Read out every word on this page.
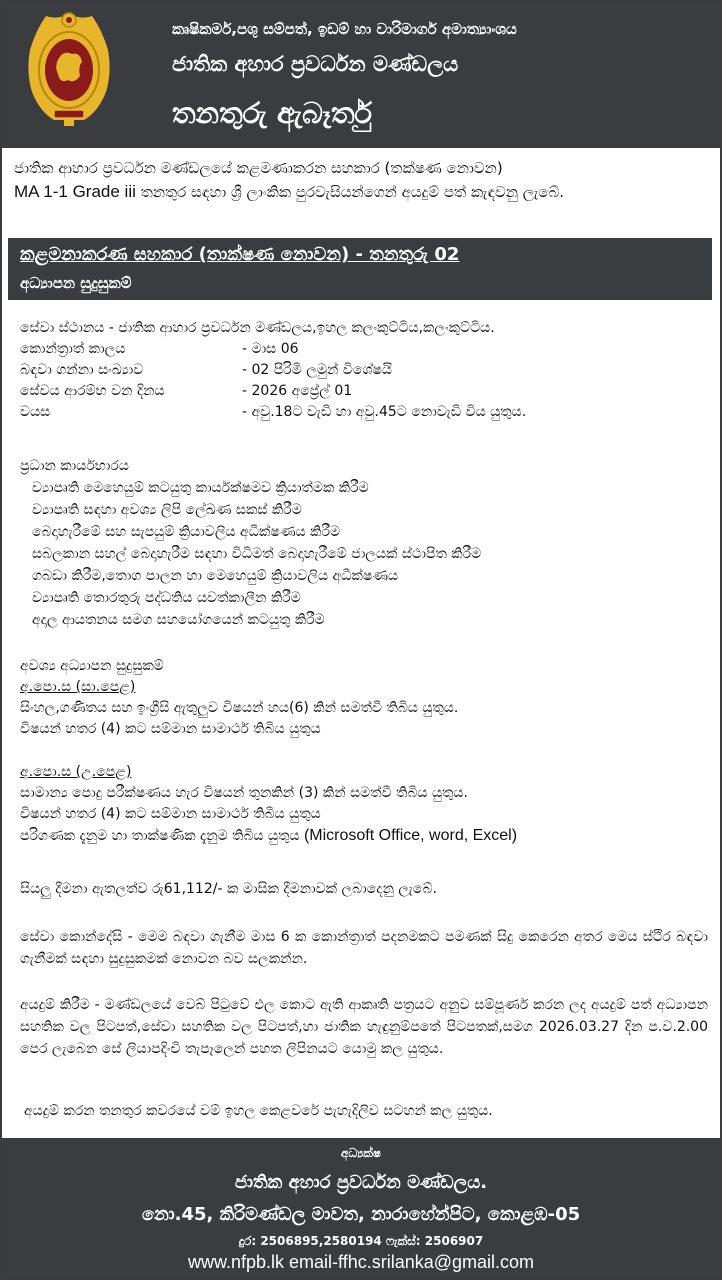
කෘෂිකර්ම,පශු සම්පත්, ඉඩම් හා වාරිමාර්ග අමාත්‍යාංශය
ජාතික අහාර ප්‍රවර්ධන මණ්ඩලය
තනතුරු ඇබෑර්තු
ජාතික ආහාර ප්‍රවර්ධන මණ්ඩලයේ කළමණාකරන සහකාර (තක්ෂණ නොවන)
MA 1-1 Grade iii තනතුර සඳහා ශ්‍රී ලාංකික පුරවැසියන්ගෙන් අයදුම් පත් කැඳවනු ලැබේ.
කළමනාකරණ සහකාර (තාක්ෂණ නොවන) - තනතුරු 02
අධ්‍යාපන සුදුසුකම්
සේවා ස්ථානය - ජාතික ආහාර ප්‍රවර්ධන මණ්ඩලය,ඉහල කලංකුට්ටිය,කලංකුට්ටිය.
කොන්ත්‍රාත් කාලය	- මාස 06
බඳවා ගන්නා සංඛ්‍යාව	- 02 පිරිමි ලමුන් විශේෂයි
සේවය ආරම්භ වන දිනය	- 2026 අප්‍රේල් 01
වයස	- අවු.18ට වැඩි හා අවු.45ට නොවැඩි විය යුතුය.
ප්‍රධාන කාර්යභාරය
ව්‍යාපෘති මෙහෙයුම් කටයුතු කාර්යක්ෂමව ක්‍රියාත්මක කිරීම
ව්‍යාපෘති සඳහා අවශ්‍ය ලිපි ලේඛණ සකස් කිරීම
බෙදාහැරීමේ සහ සැපයුම් ක්‍රියාවලිය අධීක්ෂණය කිරීම
සබලකාන සහල් බෙදාහැරීම සඳහා විධිමත් බෙදාහැරීමේ ජාලයක් ස්ථාපිත කිරීම
ගබඩා කිරීම,තොග පාලන හා මෙහෙයුම් ක්‍රියාවලිය අධීක්ෂණය
ව්‍යාපෘති තොරතුරු පද්ධතිය යවත්කාලීන කිරීම
අදාල ආයතනය සමග සහයෝගයෙන් කටයුතු කිරීම
අවශ්‍ය අධ්‍යාපන සුදුසුකම්
අ.පො.ස (සා.පෙළ)
සිංහල,ගණිතය සහ ඉංග්‍රීසි ඇතුලුව විෂයන් හය(6) කින් සමත්වී තිබිය යුතුය.
විෂයන් හතර (4) කට සම්මාන සාමාර්ථ තිබිය යුතුය
අ.පො.ස (උ.පෙළ)
සාමාන්‍ය පොදු පරීක්ෂණය හැර විෂයන් තුනකින් (3) කින් සමත්වී තිබිය යුතුය.
විෂයන් හතර (4) කට සම්මාන සාමාර්ථ තිබිය යුතුය
පරිගණක දැනුම හා තාක්ෂණික දැනුම තිබිය යුතුය (Microsoft Office, word, Excel)
සියලු දීමනා ඇතලත්ව රු61,112/- ක මාසික දීමනාවක් ලබාදෙනු ලැබේ.
සේවා කොන්දේසි - මෙම බඳවා ගැනීම මාස 6 ක කොන්ත්‍රාත් පදනමකට පමණක් සිදු කෙරෙන අතර මෙය ස්ථිර බඳවා ගැනීමක් සඳහා සුදුසුකමක් නොවන බව සලකන්න.
අයදුම් කිරීම - මණ්ඩලයේ වෙබ් පිටුවේ එල කොට ඇති ආකෘති පත්‍රයට අනුව සම්පූර්ණ කරන ලද අයදුම් පත් අධ්‍යාපන සහතික වල පිටපත්,සේවා සහතික වල පිටපත්,හා ජාතික හැඳුනුම්පතේ පිටපතක්,සමග 2026.03.27 දින ප.ව.2.00 පෙර ලැබෙන සේ ලියාපදිංචි තැපෑලෙන් පහත ලිපිනයට යොමු කල යුතුය.
අයදුම් කරන තනතුර කවරයේ වම් ඉහල කෙළවරේ පැහැදිලිව සටහන් කල යුතුය.
අධ්‍යක්ෂ
ජාතික අහාර ප්‍රවර්ධන මණ්ඩලය.
නො.45, කිරිමණ්ඩල මාවත, නාරාහේන්පිට, කොළඹ-05
දුර: 2506895,2580194 ෆැක්ස්: 2506907
www.nfpb.lk email-ffhc.srilanka@gmail.com
